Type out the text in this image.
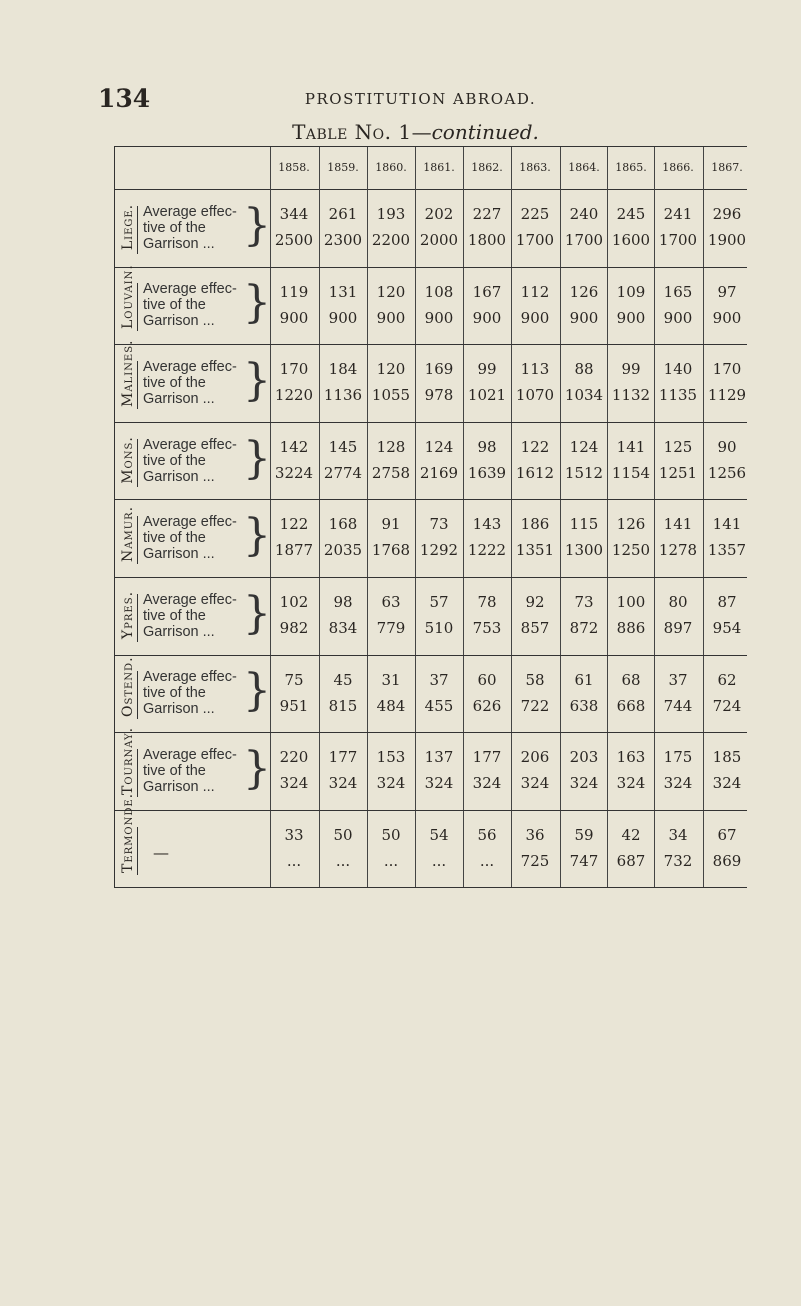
134	PROSTITUTION ABROAD.
Table No. 1—continued.
1858.	1859.	1860.	1861.	1862.	1863.	1864.	1865.	1866.	1867.
Liege. Average effec-
tive of the
Garrison ... } 344	261	193	202	227	225	240	245	241	296
2500 2300 2200 2000 1800 1700 1700 1600 1700 1900
Louvain. Average effec-
tive of the
Garrison ... } 119	131	120	108	167	112	126	109	165	97
900	900	900	900	900	900	900	900	900	900
Malines. Average effec-
tive of the
Garrison ... } 170	184	120	169	99	113	88	99	140	170
1220 1136 1055 978 1021 1070 1034 1132 1135 1129
Mons. Average effec-
tive of the
Garrison ... } 142	145	128	124	98	122	124	141	125	90
3224 2774 2758 2169 1639 1612 1512 1154 1251 1256
Namur. Average effec-
tive of the
Garrison ... } 122	168	91	73	143	186	115	126	141	141
1877 2035 1768 1292 1222 1351 1300 1250 1278 1357
Ypres. Average effec-
tive of the
Garrison ... } 102	98	63	57	78	92	73	100	80	87
982	834	779	510	753	857	872	886	897	954
Ostend. Average effec-
tive of the
Garrison ... } 75	45	31	37	60	58	61	68	37	62
951	815	484	455	626	722	638	668	744	724
Tournay. Average effec-
tive of the
Garrison ... } 220	177	153	137	177	206	203	163	175	185
324	324	324	324	324	324	324	324	324	324
Termonde. —
33	50	50	54	56	36	59	42	34	67
...	...	...	...	...	725	747	687	732	869
